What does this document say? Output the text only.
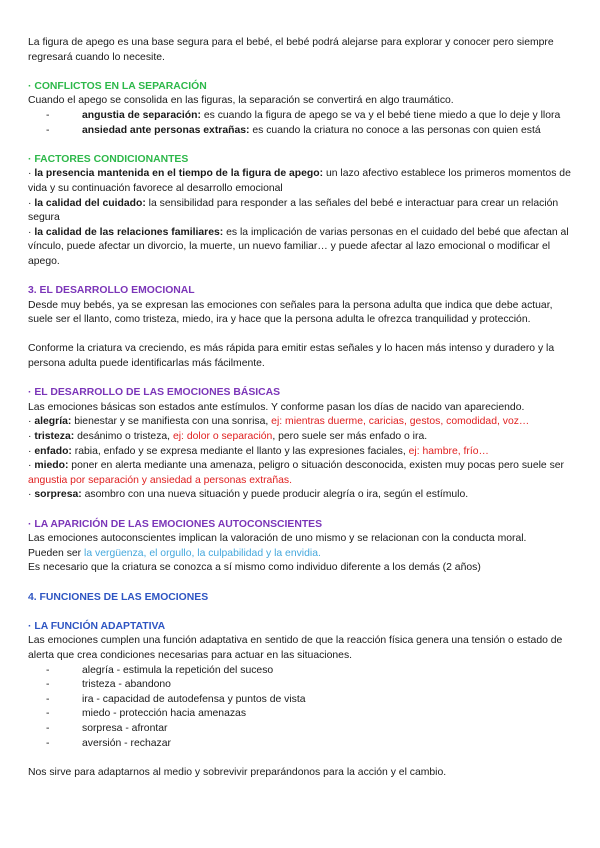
La figura de apego es una base segura para el bebé, el bebé podrá alejarse para explorar y conocer pero siempre regresará cuando lo necesite.

· CONFLICTOS EN LA SEPARACIÓN

Cuando el apego se consolida en las figuras, la separación se convertirá en algo traumático.

-	angustia de separación: es cuando la figura de apego se va y el bebé tiene miedo a que lo deje y llora
-	ansiedad ante personas extrañas: es cuando la criatura no conoce a las personas con quien está

· FACTORES CONDICIONANTES

· la presencia mantenida en el tiempo de la figura de apego: un lazo afectivo establece los primeros momentos de vida y su continuación favorece al desarrollo emocional

· la calidad del cuidado: la sensibilidad para responder a las señales del bebé e interactuar para crear un relación segura

· la calidad de las relaciones familiares: es la implicación de varias personas en el cuidado del bebé que afectan al vínculo, puede afectar un divorcio, la muerte, un nuevo familiar… y puede afectar al lazo emocional o modificar el apego.

3. EL DESARROLLO EMOCIONAL

Desde muy bebés, ya se expresan las emociones con señales para la persona adulta que indica que debe actuar, suele ser el llanto, como tristeza, miedo, ira y hace que la persona adulta le ofrezca tranquilidad y protección.

Conforme la criatura va creciendo, es más rápida para emitir estas señales y lo hacen más intenso y duradero y la persona adulta puede identificarlas más fácilmente.

· EL DESARROLLO DE LAS EMOCIONES BÁSICAS

Las emociones básicas son estados ante estímulos. Y conforme pasan los días de nacido van apareciendo.

· alegría: bienestar y se manifiesta con una sonrisa, ej: mientras duerme, caricias, gestos, comodidad, voz…

· tristeza: desánimo o tristeza, ej: dolor o separación, pero suele ser más enfado o ira.

· enfado: rabia, enfado y se expresa mediante el llanto y las expresiones faciales, ej: hambre, frío…

· miedo: poner en alerta mediante una amenaza, peligro o situación desconocida, existen muy pocas pero suele ser angustia por separación y ansiedad a personas extrañas.

· sorpresa: asombro con una nueva situación y puede producir alegría o ira, según el estímulo.

· LA APARICIÓN DE LAS EMOCIONES AUTOCONSCIENTES

Las emociones autoconscientes implican la valoración de uno mismo y se relacionan con la conducta moral.

Pueden ser la vergüenza, el orgullo, la culpabilidad y la envidia.

Es necesario que la criatura se conozca a sí mismo como individuo diferente a los demás (2 años)

4. FUNCIONES DE LAS EMOCIONES

· LA FUNCIÓN ADAPTATIVA

Las emociones cumplen una función adaptativa en sentido de que la reacción física genera una tensión o estado de alerta que crea condiciones necesarias para actuar en las situaciones.

-	alegría - estimula la repetición del suceso
-	tristeza - abandono
-	ira - capacidad de autodefensa y puntos de vista
-	miedo - protección hacia amenazas
-	sorpresa - afrontar
-	aversión - rechazar

Nos sirve para adaptarnos al medio y sobrevivir preparándonos para la acción y el cambio.
